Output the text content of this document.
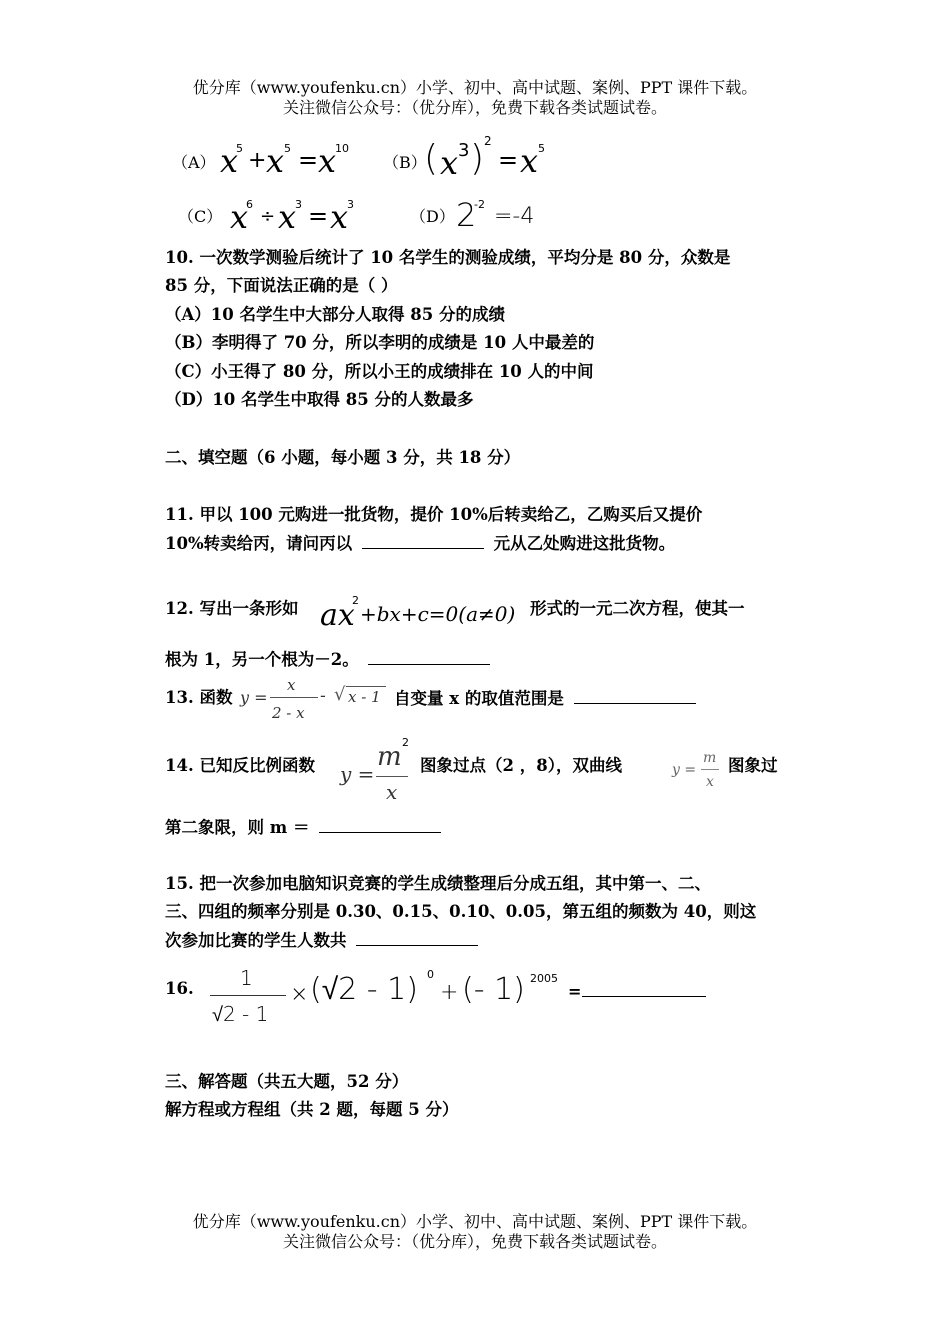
优分库（www.youfenku.cn）小学、初中、高中试题、案例、PPT 课件下载。
关注微信公众号：（优分库），免费下载各类试题试卷。
（A） x
5 + x 5 = x
10
（B）
( x 3 ) 2
= x 5
（C） x
6
÷ x
3 = x
3
（D） 2
-2 =-4
10. 一次数学测验后统计了 10 名学生的测验成绩，平均分是 80 分，众数是
85 分，下面说法正确的是（ ）
（A）10 名学生中大部分人取得 85 分的成绩
（B）李明得了 70 分，所以李明的成绩是 10 人中最差的
（C）小王得了 80 分，所以小王的成绩排在 10 人的中间
（D）10 名学生中取得 85 分的人数最多
二、填空题（6 小题，每小题 3 分，共 18 分）
11. 甲以 100 元购进一批货物，提价 10%后转卖给乙，乙购买后又提价
10%转卖给丙，请问丙以	元从乙处购进这批货物。
12. 写出一条形如 ax
2
+bx+c=0(a≠0) 形式的一元二次方程，使其一
根为 1，另一个根为－2。
13. 函数 y =
x
2 - x
- √ x - 1 自变量 x 的取值范围是
14. 已知反比例函数 y =
m 2
x
图象过点（2 ，8），双曲线	y =
m
x
图象过
第二象限，则 m ＝
15. 把一次参加电脑知识竞赛的学生成绩整理后分成五组，其中第一、二、
三、四组的频率分别是 0.30、0.15、0.10、0.05，第五组的频数为 40，则这
次参加比赛的学生人数共
16. 1
√2 - 1
× (√2 - 1) 0
+ (- 1) 2005
=
三、解答题（共五大题，52 分）
解方程或方程组（共 2 题，每题 5 分）
优分库（www.youfenku.cn）小学、初中、高中试题、案例、PPT 课件下载。
关注微信公众号：（优分库），免费下载各类试题试卷。
